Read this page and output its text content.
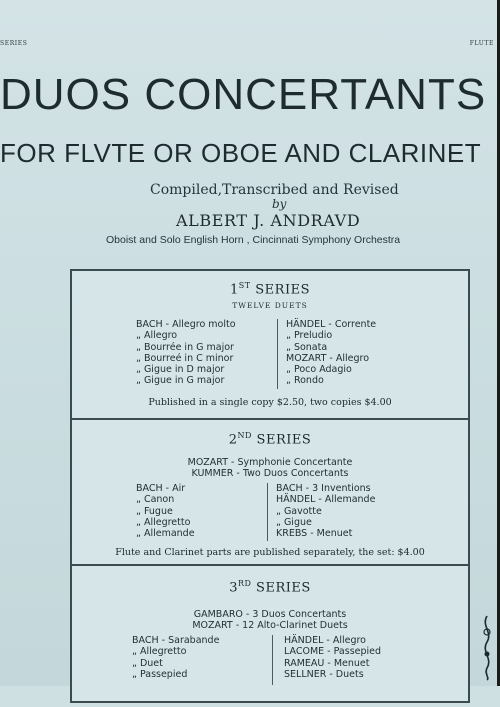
SERIES	FLUTE
DUOS CONCERTANTS
FOR FLVTE OR OBOE AND CLARINET
Compiled,Transcribed and Revised
by
ALBERT J. ANDRAVD
Oboist and Solo English Horn , Cincinnati Symphony Orchestra
1ST SERIES
TWELVE DUETS
BACH - Allegro molto
„ Allegro
„ Bourrée in G major
„ Bourreé in C minor
„ Gigue in D major
„ Gigue in G major
HÄNDEL - Corrente
„ Preludio
„ Sonata
MOZART - Allegro
„ Poco Adagio
„ Rondo
Published in a single copy $2.50, two copies $4.00
2ND SERIES
MOZART - Symphonie Concertante
KUMMER - Two Duos Concertants
BACH - Air
„ Canon
„ Fugue
„ Allegretto
„ Allemande
BACH - 3 Inventions
HÄNDEL - Allemande
„ Gavotte
„ Gigue
KREBS - Menuet
Flute and Clarinet parts are published separately, the set: $4.00
3RD SERIES
GAMBARO - 3 Duos Concertants
MOZART - 12 Alto-Clarinet Duets
BACH - Sarabande
„ Allegretto
„ Duet
„ Passepied
HÄNDEL - Allegro
LACOME - Passepied
RAMEAU - Menuet
SELLNER - Duets
